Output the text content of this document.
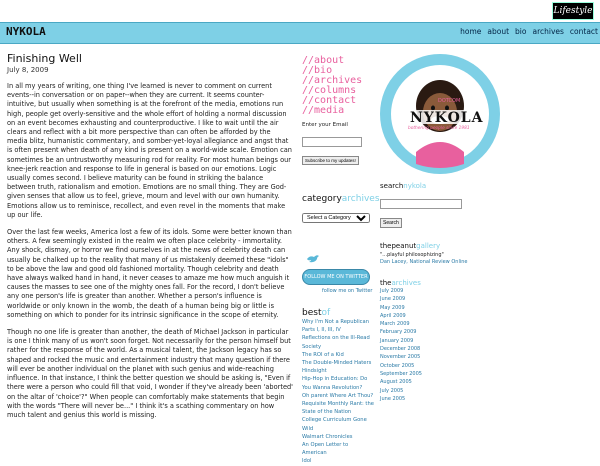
Lifestyle
NYKOLA	home about bio archives contact
Finishing Well
July 8, 2009

In all my years of writing, one thing I've learned is never to comment on current events--in conversation or on paper--when they are current. It seems counter-intuitive, but usually when something is at the forefront of the media, emotions run high, people get overly-sensitive and the whole effort of holding a normal discussion on an event becomes exhausting and counterproductive. I like to wait until the air clears and reflect with a bit more perspective than can often be afforded by the media blitz, humanistic commentary, and somber-yet-loyal allegiance and angst that is often present when death of any kind is present on a world-wide scale. Emotion can sometimes be an untrustworthy measuring rod for reality. For most human beings our knee-jerk reaction and response to life in general is based on our emotions. Logic usually comes second. I believe maturity can be found in striking the balance between truth, rationalism and emotion. Emotions are no small thing. They are God-given senses that allow us to feel, grieve, mourn and level with our own humanity. Emotions allow us to reminisce, recollect, and even revel in the moments that make up our life.

Over the last few weeks, America lost a few of its idols. Some were better known than others. A few seemingly existed in the realm we often place celebrity - immortality. Any shock, dismay, or horror we find ourselves in at the news of celebrity death can usually be chalked up to the reality that many of us mistakenly deemed these "idols" to be above the law and good old fashioned mortality. Though celebrity and death have always walked hand in hand, it never ceases to amaze me how much anguish it causes the masses to see one of the mighty ones fall. For the record, I don't believe any one person's life is greater than another. Whether a person's influence is worldwide or only known in the womb, the death of a human being big or little is something on which to ponder for its intrinsic significance in the scope of eternity.

Though no one life is greater than another, the death of Michael Jackson in particular is one I think many of us won't soon forget. Not necessarily for the person himself but rather for the response of the world. As a musical talent, the Jackson legacy has so shaped and rocked the music and entertainment industry that many question if there will ever be another individual on the planet with such genius and wide-reaching influence. In that instance, I think the better question we should be asking is, "Even if there were a person who could fill that void, I wonder if they've already been 'aborted' on the altar of 'choice'?" When people can comfortably make statements that begin with the words "There will never be..." I think it's a scathing commentary on how much talent and genius this world is missing.

//about
//bio
//archives
//columns
//contact
//media
Enter your Email
Subscribe to my updates!
categoryarchives
Select a Category
FOLLOW ME ON TWITTER
follow me on Twitter
bestof
Why I'm Not a Republican
Parts I, II, III, IV
Reflections on the Ill-Read
Society
The ROI of a Kid
The Double-Minded Haters
Hindsight
Hip-Hop in Education: Do
You Wanna Revolution?
Oh parent Where Art Thou?
Requisite Monthly Rant: the
State of the Nation
College Curriculum Gone
Wild
Walmart Chronicles
An Open Letter to American
Idol
DOTCOM
NYKOLA
bothering people since 1981
searchnykola

Search
thepeanutgallery
"...playful philosophizing"
Dan Lacey, National Review Online
thearchives
July 2009
June 2009
May 2009
April 2009
March 2009
February 2009
January 2009
December 2008
November 2005
October 2005
September 2005
August 2005
July 2005
June 2005
